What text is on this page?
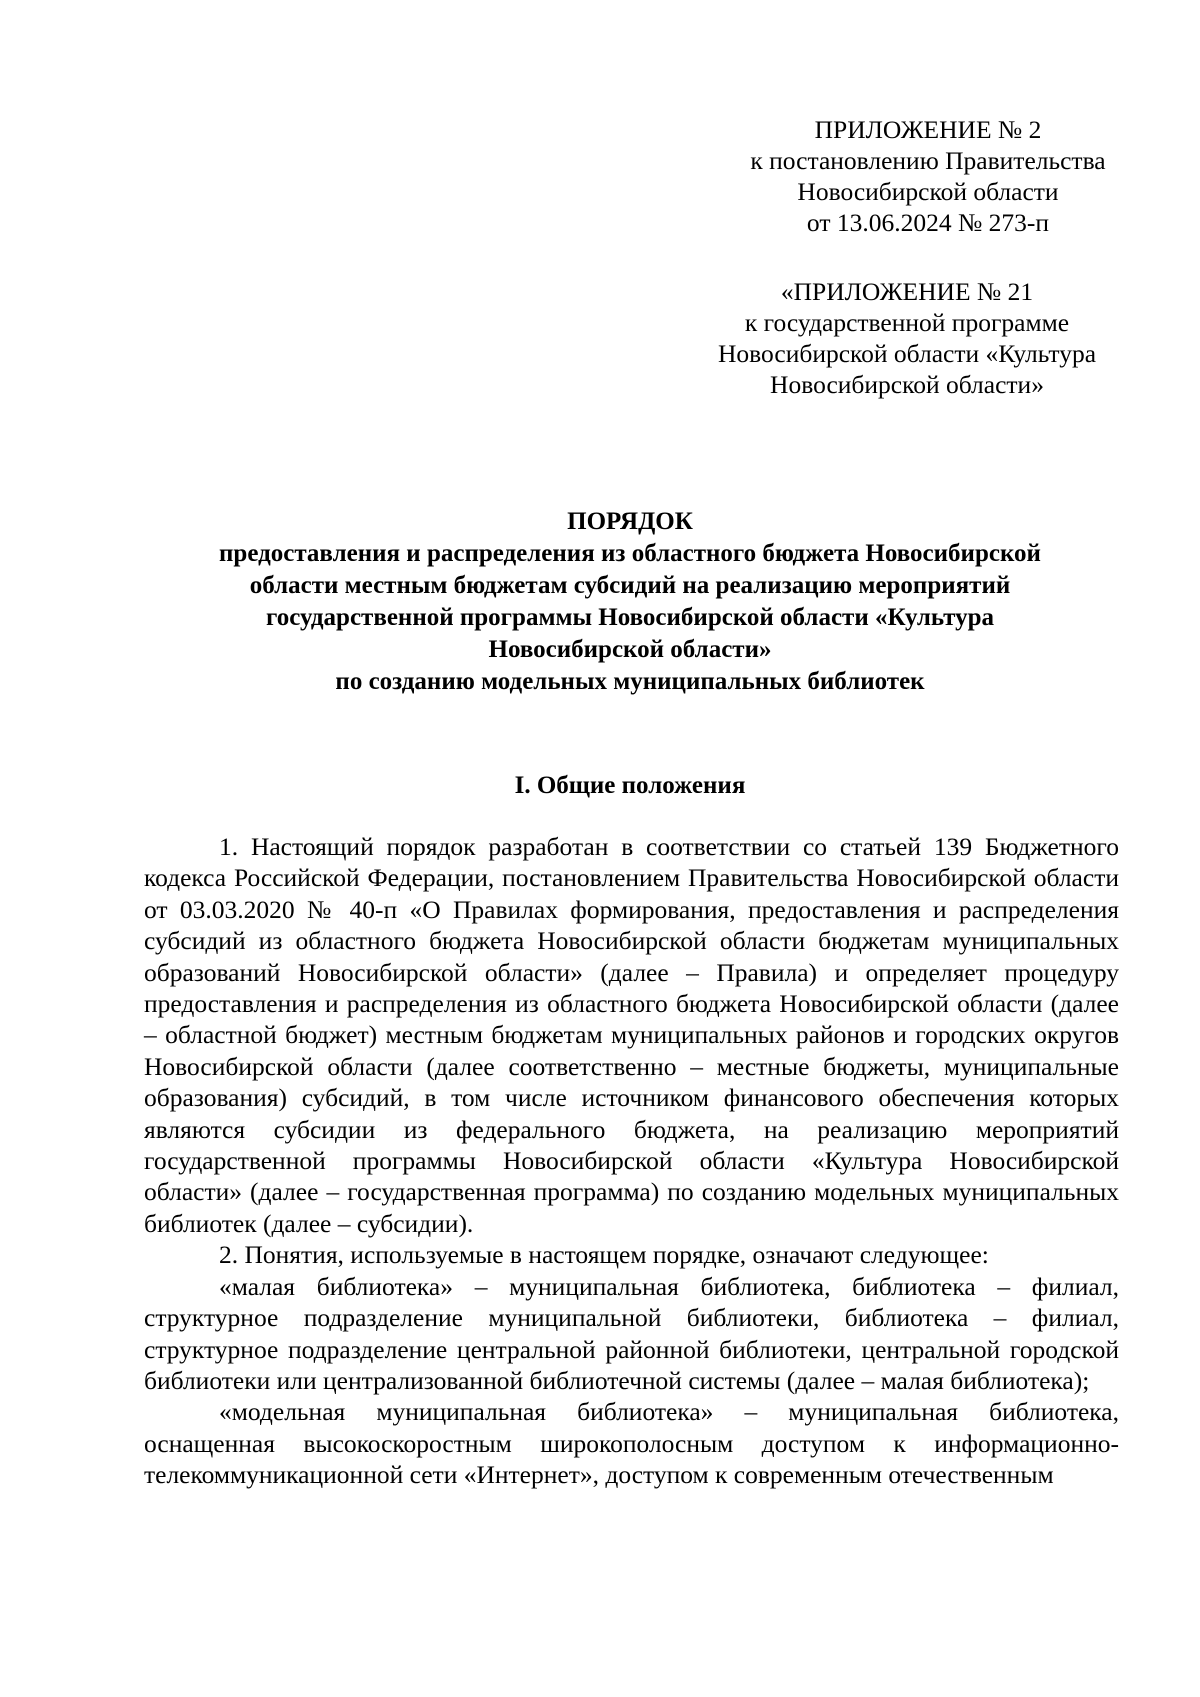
ПРИЛОЖЕНИЕ № 2
к постановлению Правительства
Новосибирской области
от 13.06.2024 № 273-п
«ПРИЛОЖЕНИЕ № 21
к государственной программе
Новосибирской области «Культура
Новосибирской области»
ПОРЯДОК
предоставления и распределения из областного бюджета Новосибирской
области местным бюджетам субсидий на реализацию мероприятий
государственной программы Новосибирской области «Культура
Новосибирской области»
по созданию модельных муниципальных библиотек
I. Общие положения

1. Настоящий порядок разработан в соответствии со статьей 139 Бюджетного кодекса Российской Федерации, постановлением Правительства Новосибирской области от 03.03.2020 № 40-п «О Правилах формирования, предоставления и распределения субсидий из областного бюджета Новосибирской области бюджетам муниципальных образований Новосибирской области» (далее – Правила) и определяет процедуру предоставления и распределения из областного бюджета Новосибирской области (далее – областной бюджет) местным бюджетам муниципальных районов и городских округов Новосибирской области (далее соответственно – местные бюджеты, муниципальные образования) субсидий, в том числе источником финансового обеспечения которых являются субсидии из федерального бюджета, на реализацию мероприятий государственной программы Новосибирской области «Культура Новосибирской области» (далее – государственная программа) по созданию модельных муниципальных библиотек (далее – субсидии).

2. Понятия, используемые в настоящем порядке, означают следующее:

«малая библиотека» – муниципальная библиотека, библиотека – филиал, структурное подразделение муниципальной библиотеки, библиотека – филиал, структурное подразделение центральной районной библиотеки, центральной городской библиотеки или централизованной библиотечной системы (далее – малая библиотека);

«модельная муниципальная библиотека» – муниципальная библиотека, оснащенная высокоскоростным широкополосным доступом к информационно-телекоммуникационной сети «Интернет», доступом к современным отечественным
